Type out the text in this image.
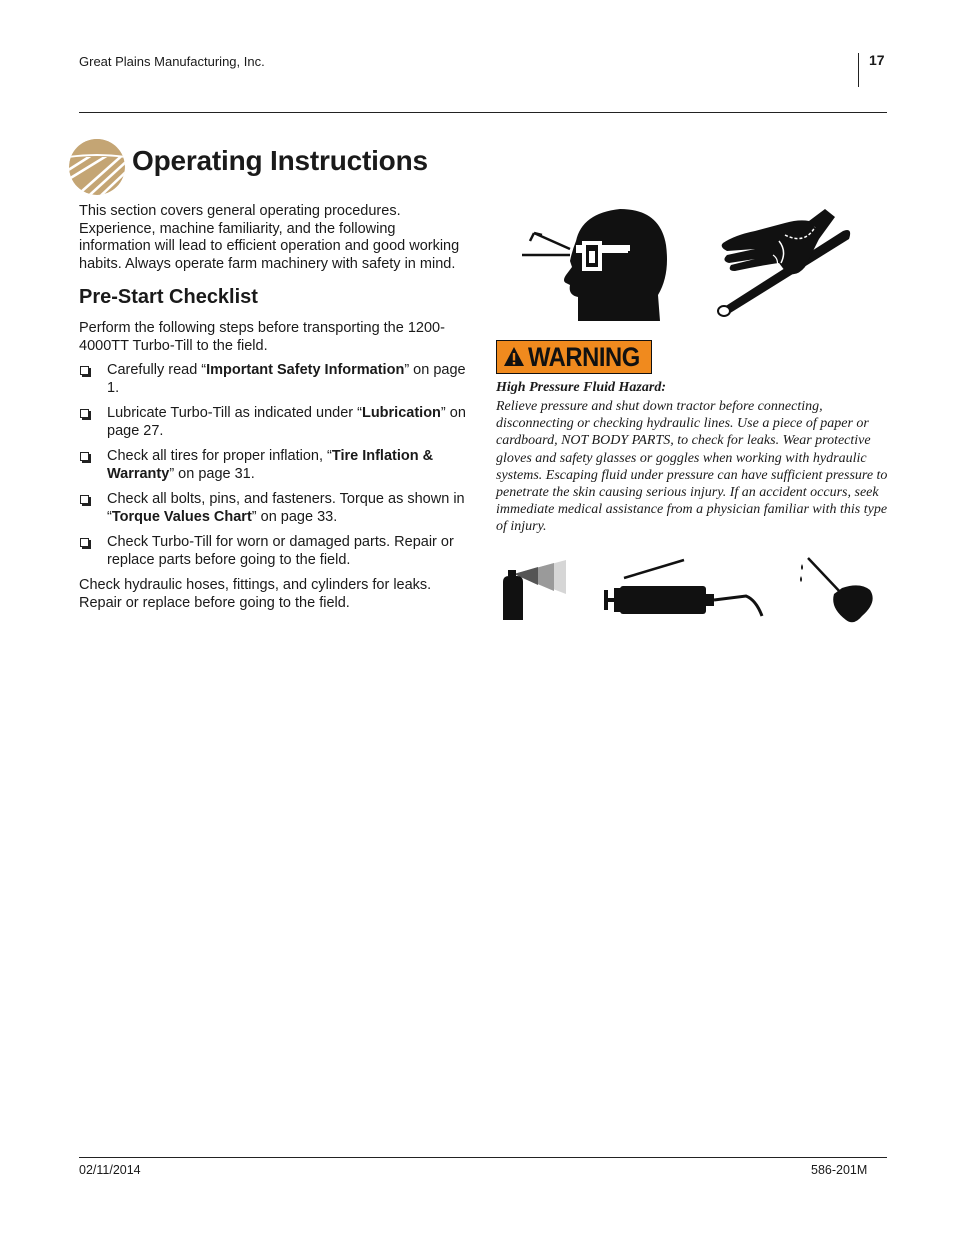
Great Plains Manufacturing, Inc.	17
Operating Instructions
This section covers general operating procedures. Experience, machine familiarity, and the following information will lead to efficient operation and good working habits. Always operate farm machinery with safety in mind.
Pre-Start Checklist
Perform the following steps before transporting the 1200-4000TT Turbo-Till to the field.
Carefully read “Important Safety Information” on page 1.
Lubricate Turbo-Till as indicated under “Lubrication” on page 27.
Check all tires for proper inflation, “Tire Inflation & Warranty” on page 31.
Check all bolts, pins, and fasteners. Torque as shown in “Torque Values Chart” on page 33.
Check Turbo-Till for worn or damaged parts. Repair or replace parts before going to the field.
Check hydraulic hoses, fittings, and cylinders for leaks. Repair or replace before going to the field.
WARNING
High Pressure Fluid Hazard:
Relieve pressure and shut down tractor before connecting, disconnecting or checking hydraulic lines. Use a piece of paper or cardboard, NOT BODY PARTS, to check for leaks. Wear protective gloves and safety glasses or goggles when working with hydraulic systems. Escaping fluid under pressure can have sufficient pressure to penetrate the skin causing serious injury. If an accident occurs, seek immediate medical assistance from a physician familiar with this type of injury.
02/11/2014	586-201M
